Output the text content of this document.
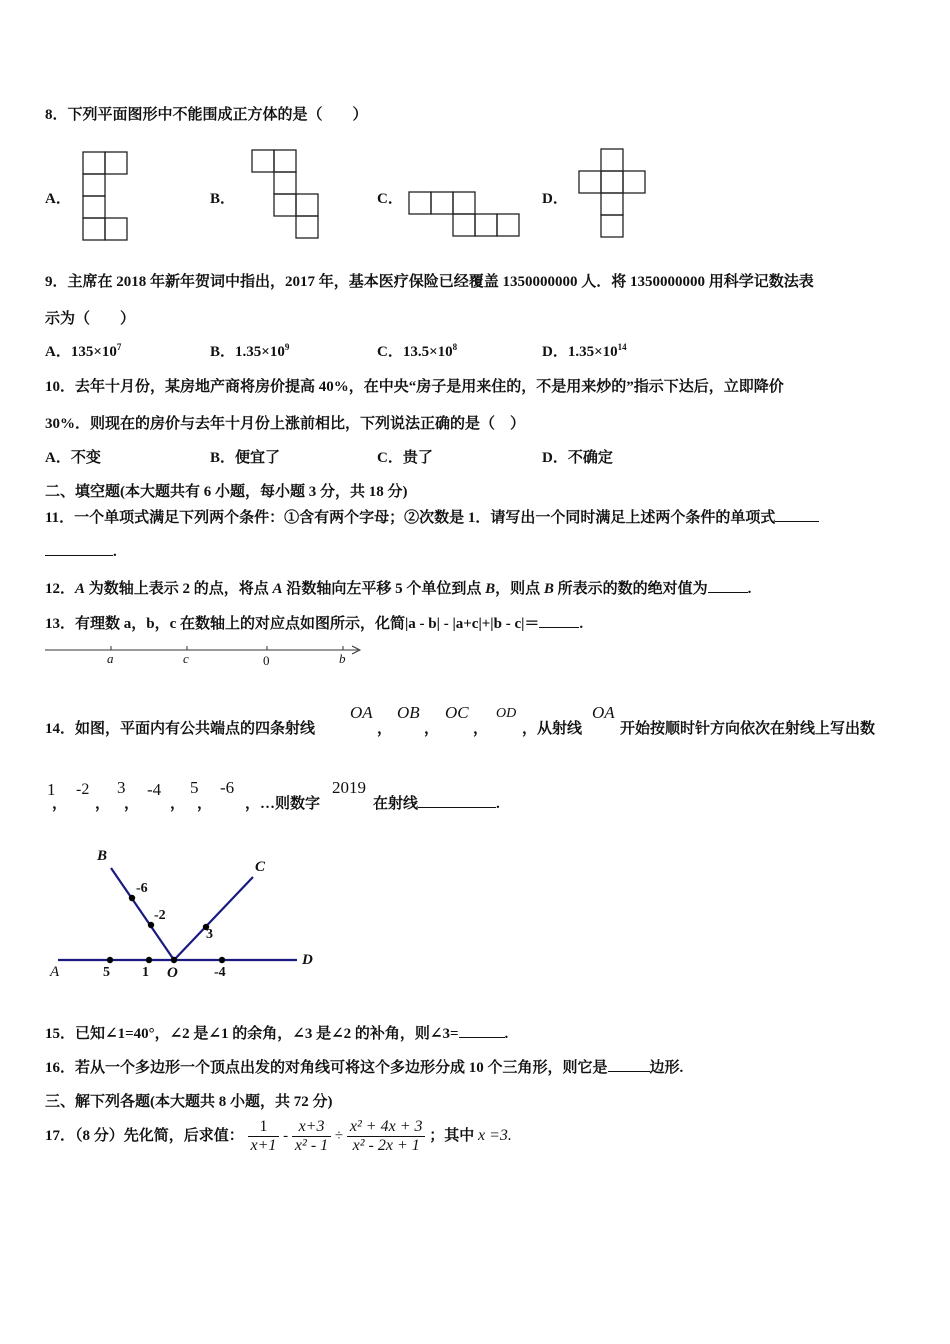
8．下列平面图形中不能围成正方体的是（　　）
A．	B．	C．	D．
9．主席在 2018 年新年贺词中指出，2017 年，基本医疗保险已经覆盖 1350000000 人．将 1350000000 用科学记数法表
示为（　　）
A．$135\times 10^7$	B．$1.35\times 10^9$	C．$13.5\times 10^8$	D．$1.35\times 10^{14}$
10．去年十月份，某房地产商将房价提高 40%，在中央“房子是用来住的，不是用来炒的”指示下达后，立即降价
30%．则现在的房价与去年十月份上涨前相比，下列说法正确的是（　）
A．不变	B．便宜了	C．贵了	D．不确定
二、填空题(本大题共有 6 小题，每小题 3 分，共 18 分)
11．一个单项式满足下列两个条件：①含有两个字母；②次数是 1．请写出一个同时满足上述两个条件的单项式
.
12．A 为数轴上表示 2 的点，将点 A 沿数轴向左平移 5 个单位到点 B，则点 B 所表示的数的绝对值为	.
13．有理数 a，b，c 在数轴上的对应点如图所示，化简|a - b| - |a+c|+|b - c|＝	.
a	c	0	b
14．如图，平面内有公共端点的四条射线
OA
，
OB
，
OC
，
OD
，从射线
OA
开始按顺时针方向依次在射线上写出数
1 -2 3 -4 5 -6
， ， ， ， ， ，…则数字
2019
在射线	.
B
C
A
D
O
5 1	-4
-6
-2
3
15．已知∠1=40°，∠2 是∠1 的余角，∠3 是∠2 的补角，则∠3=	.
16．若从一个多边形一个顶点出发的对角线可将这个多边形分成 10 个三角形，则它是	边形.
三、解下列各题(本大题共 8 小题，共 72 分)
17．（8 分）先化简，后求值： $\frac{1}{x+1} - \frac{x+3}{\text{x² - 1}} \div \frac{\text{x² + 4x + 3}}{\text{x² - 2x + 1}}$ ；其中 x =3.
